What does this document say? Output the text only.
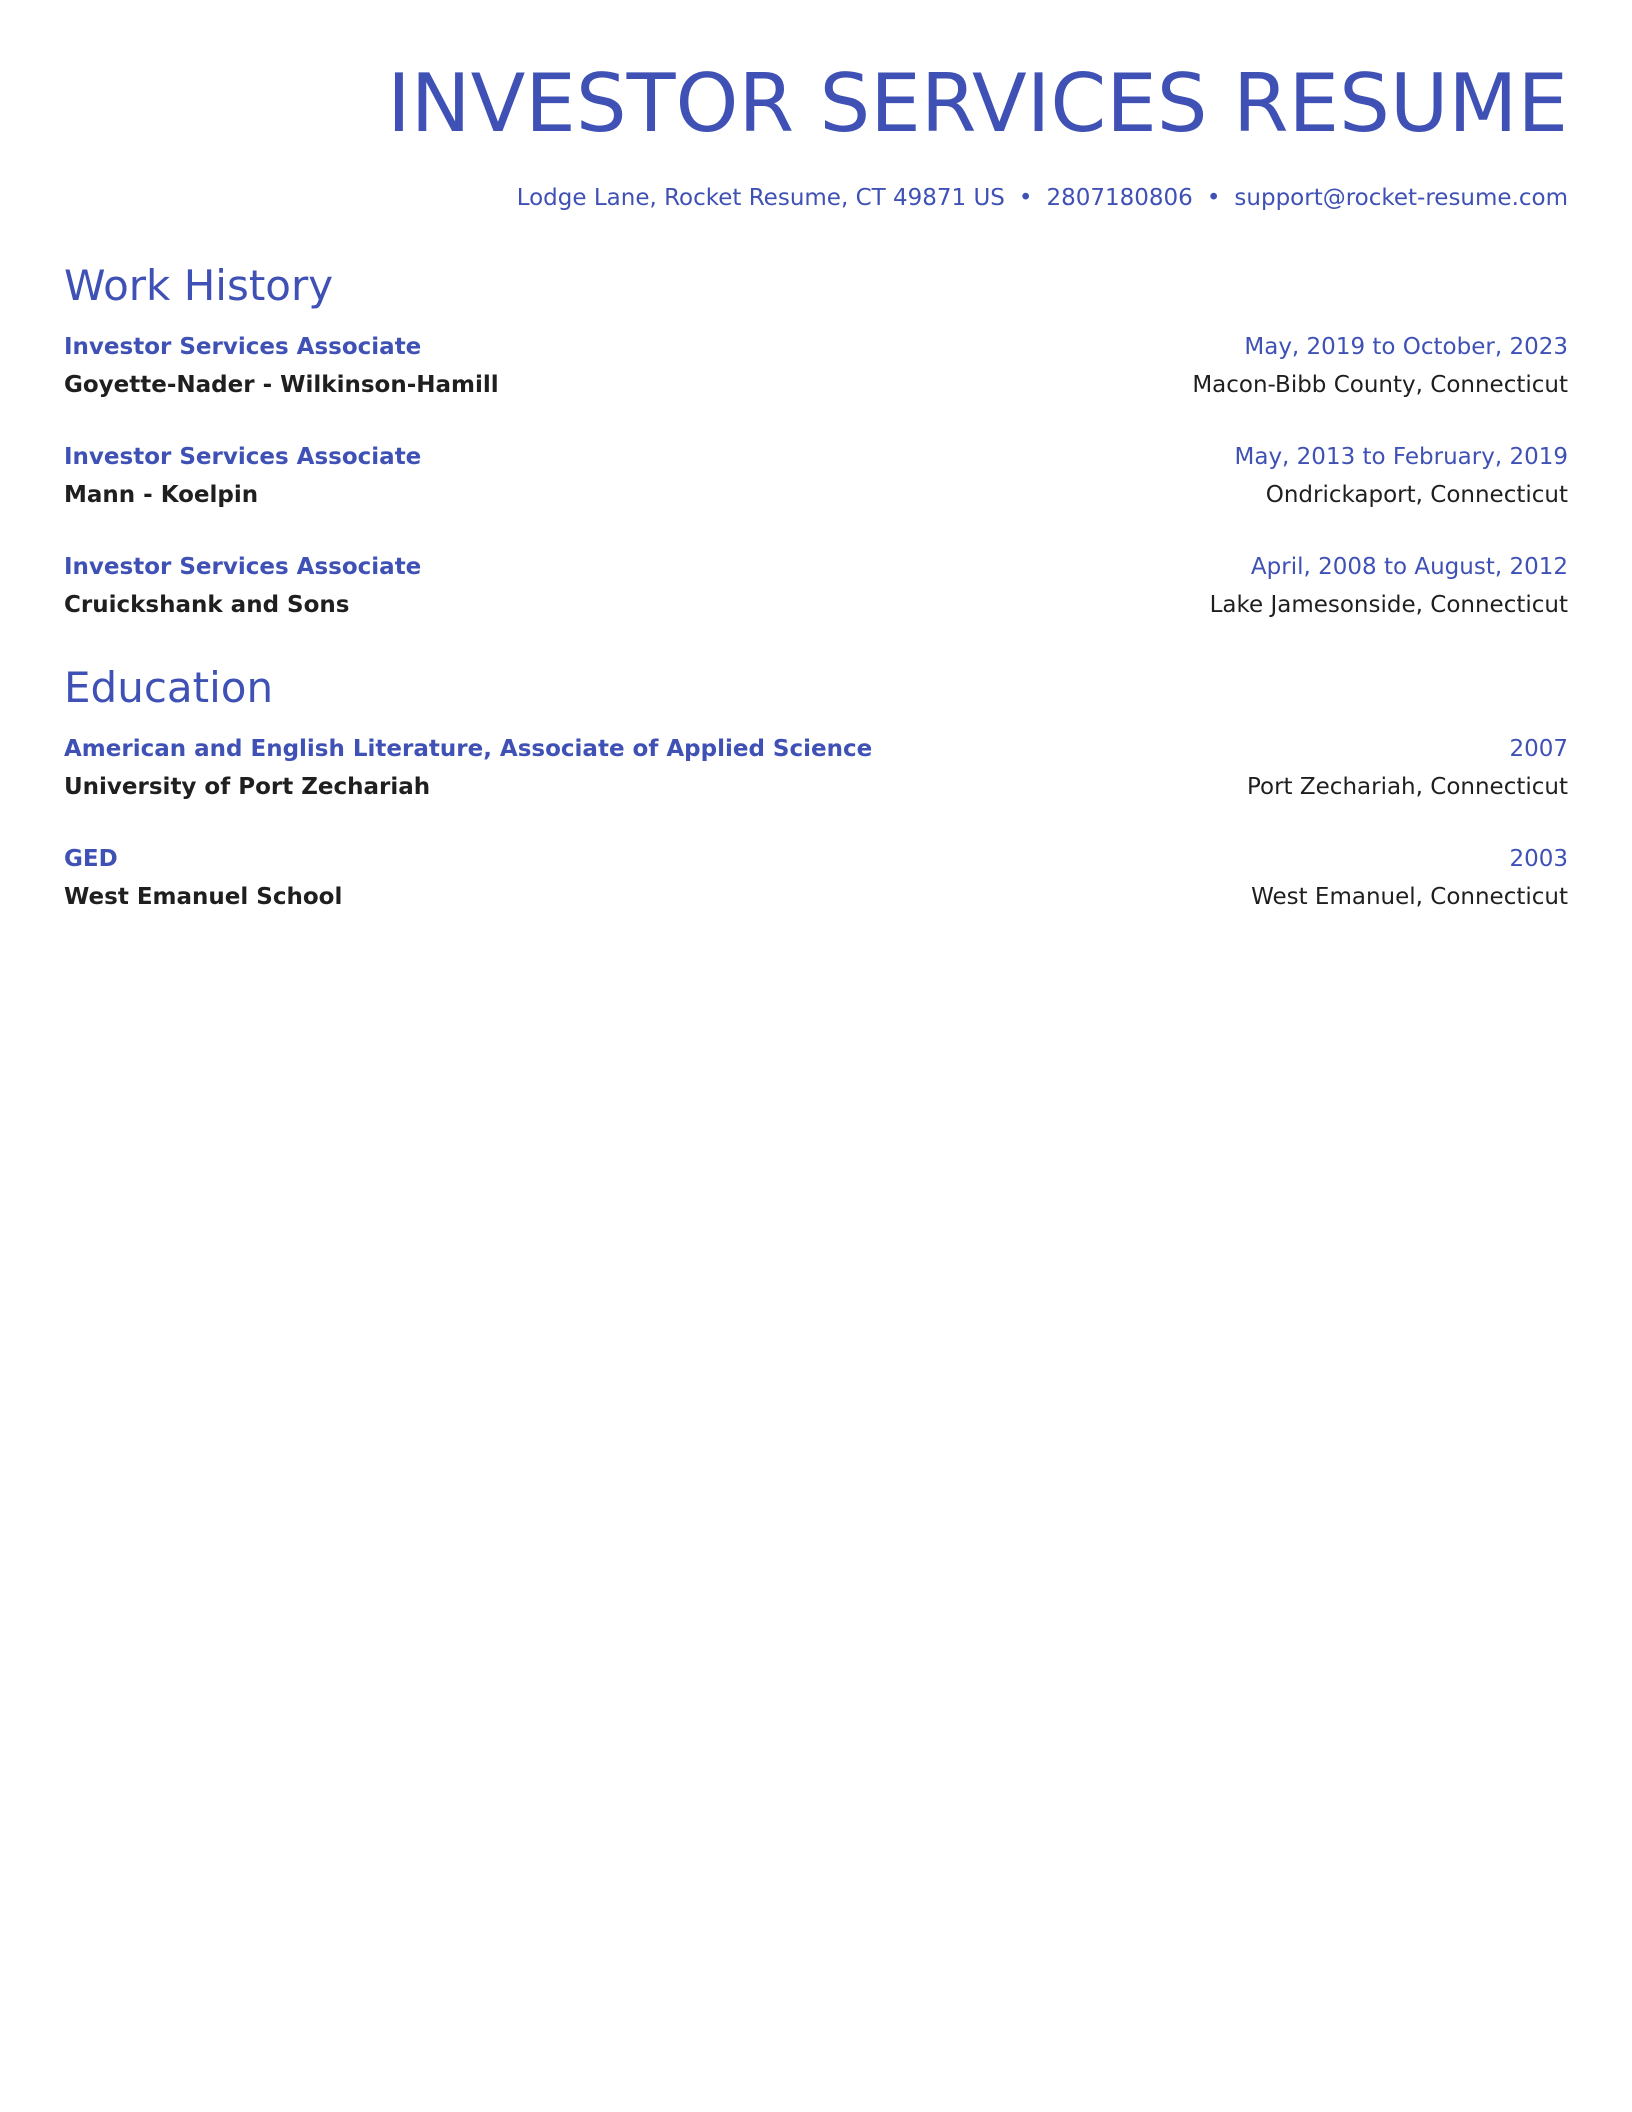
INVESTOR SERVICES RESUME
Lodge Lane, Rocket Resume, CT 49871 US • 2807180806 • support@rocket-resume.com
Work History
Investor Services Associate	May, 2019 to October, 2023
Goyette-Nader - Wilkinson-Hamill	Macon-Bibb County, Connecticut
Investor Services Associate	May, 2013 to February, 2019
Mann - Koelpin	Ondrickaport, Connecticut
Investor Services Associate	April, 2008 to August, 2012
Cruickshank and Sons	Lake Jamesonside, Connecticut
Education
American and English Literature, Associate of Applied Science	2007
University of Port Zechariah	Port Zechariah, Connecticut
GED	2003
West Emanuel School	West Emanuel, Connecticut
